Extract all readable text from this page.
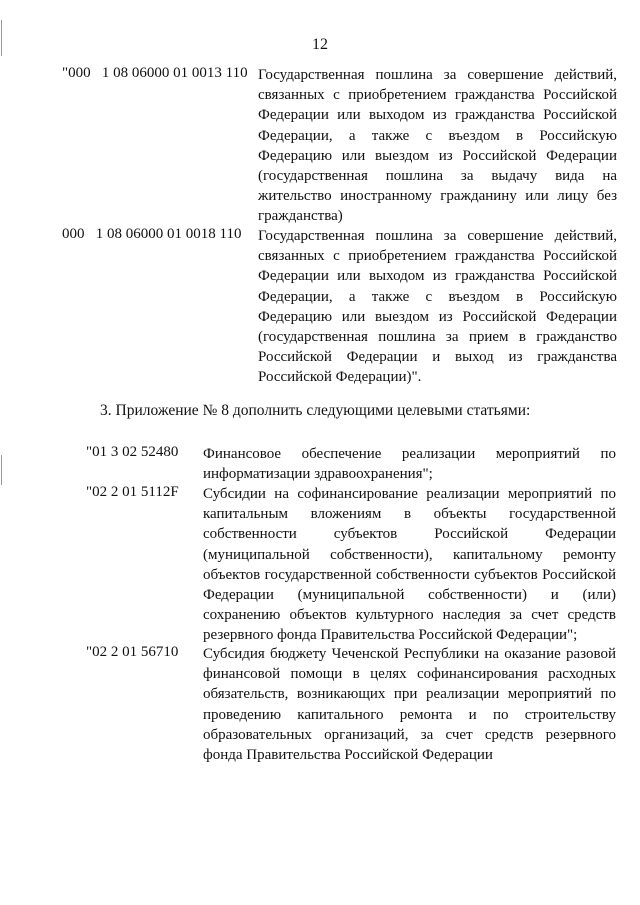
12
"000   1 08 06000 01 0013 110 Государственная пошлина за совершение действий, связанных с приобретением гражданства Российской Федерации или выходом из гражданства Российской Федерации, а также с въездом в Российскую Федерацию или выездом из Российской Федерации (государственная пошлина за выдачу вида на жительство иностранному гражданину или лицу без гражданства)
000   1 08 06000 01 0018 110	Государственная пошлина за совершение действий, связанных с приобретением гражданства Российской Федерации или выходом из гражданства Российской Федерации, а также с въездом в Российскую Федерацию или выездом из Российской Федерации (государственная пошлина за прием в гражданство Российской Федерации и выход из гражданства Российской Федерации)".
3. Приложение № 8 дополнить следующими целевыми статьями:
"01 3 02 52480	Финансовое обеспечение реализации мероприятий по информатизации здравоохранения";
"02 2 01 5112F	Субсидии на софинансирование реализации мероприятий по капитальным вложениям в объекты государственной собственности субъектов Российской Федерации (муниципальной собственности), капитальному ремонту объектов государственной собственности субъектов Российской Федерации (муниципальной собственности) и (или) сохранению объектов культурного наследия за счет средств резервного фонда Правительства Российской Федерации";
"02 2 01 56710	Субсидия бюджету Чеченской Республики на оказание разовой финансовой помощи в целях софинансирования расходных обязательств, возникающих при реализации мероприятий по проведению капитального ремонта и по строительству образовательных организаций, за счет средств резервного фонда Правительства Российской Федерации
